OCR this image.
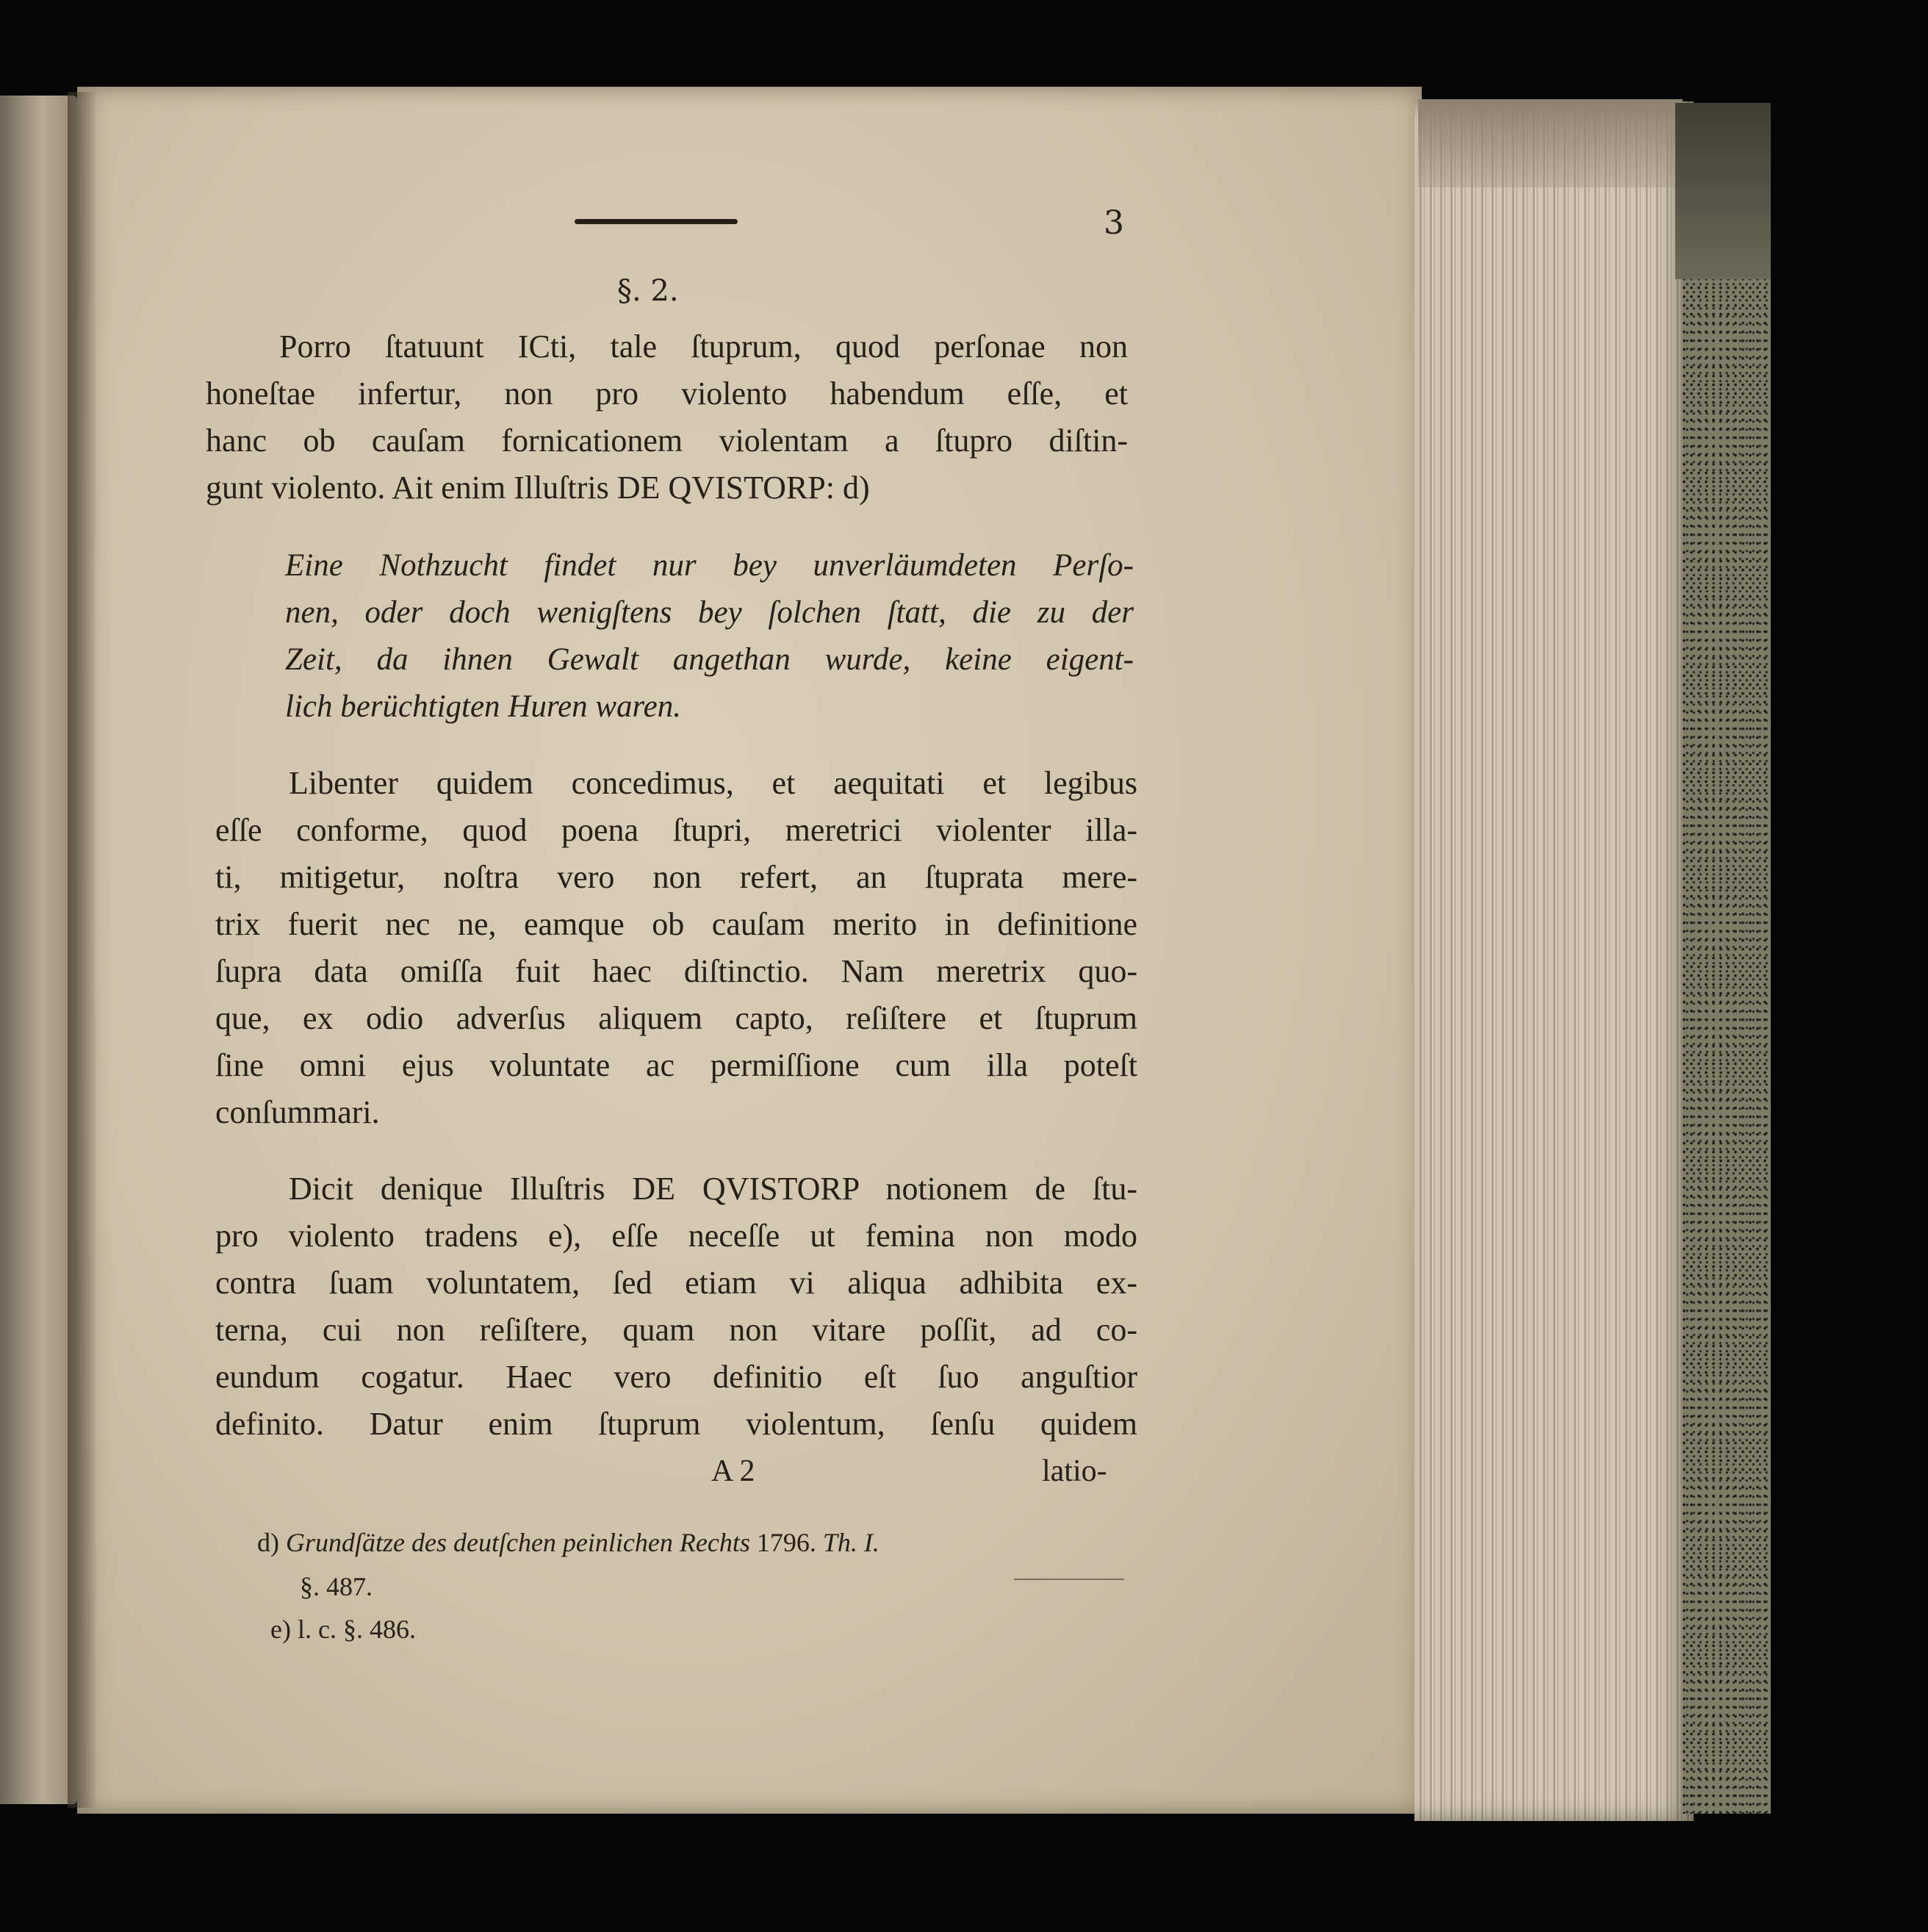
3
§. 2.
Porro ſtatuunt ICti, tale ſtuprum, quod perſonae non
honeſtae infertur, non pro violento habendum eſſe, et
hanc ob cauſam fornicationem violentam a ſtupro diſtin-
gunt violento. Ait enim Illuſtris DE QVISTORP: d)
Eine Nothzucht findet nur bey unverläumdeten Perſo-
nen, oder doch wenigſtens bey ſolchen ſtatt, die zu der
Zeit, da ihnen Gewalt angethan wurde, keine eigent-
lich berüchtigten Huren waren.
Libenter quidem concedimus, et aequitati et legibus
eſſe conforme, quod poena ſtupri, meretrici violenter illa-
ti, mitigetur, noſtra vero non refert, an ſtuprata mere-
trix fuerit nec ne, eamque ob cauſam merito in definitione
ſupra data omiſſa fuit haec diſtinctio. Nam meretrix quo-
que, ex odio adverſus aliquem capto, reſiſtere et ſtuprum
ſine omni ejus voluntate ac permiſſione cum illa poteſt
conſummari.
Dicit denique Illuſtris DE QVISTORP notionem de ſtu-
pro violento tradens e), eſſe neceſſe ut femina non modo
contra ſuam voluntatem, ſed etiam vi aliqua adhibita ex-
terna, cui non reſiſtere, quam non vitare poſſit, ad co-
eundum cogatur. Haec vero definitio eſt ſuo anguſtior
definito. Datur enim ſtuprum violentum, ſenſu quidem
A 2	latio-
d) Grundſätze des deutſchen peinlichen Rechts 1796. Th. I.
§. 487.
e) l. c. §. 486.
